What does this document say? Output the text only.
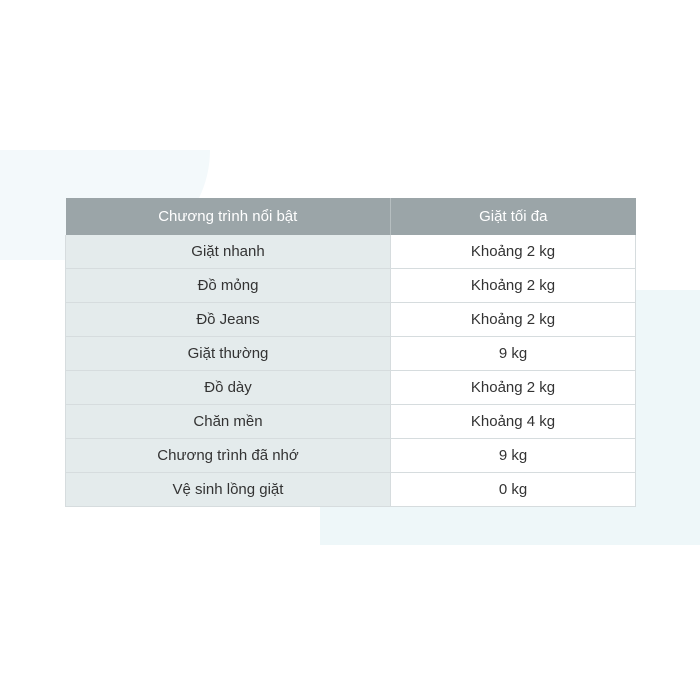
Chương trình nổi bật	Giặt tối đa
Giặt nhanh	Khoảng 2 kg
Đồ mỏng	Khoảng 2 kg
Đồ Jeans	Khoảng 2 kg
Giặt thường	9 kg
Đồ dày	Khoảng 2 kg
Chăn mền	Khoảng 4 kg
Chương trình đã nhớ	9 kg
Vệ sinh lồng giặt	0 kg
